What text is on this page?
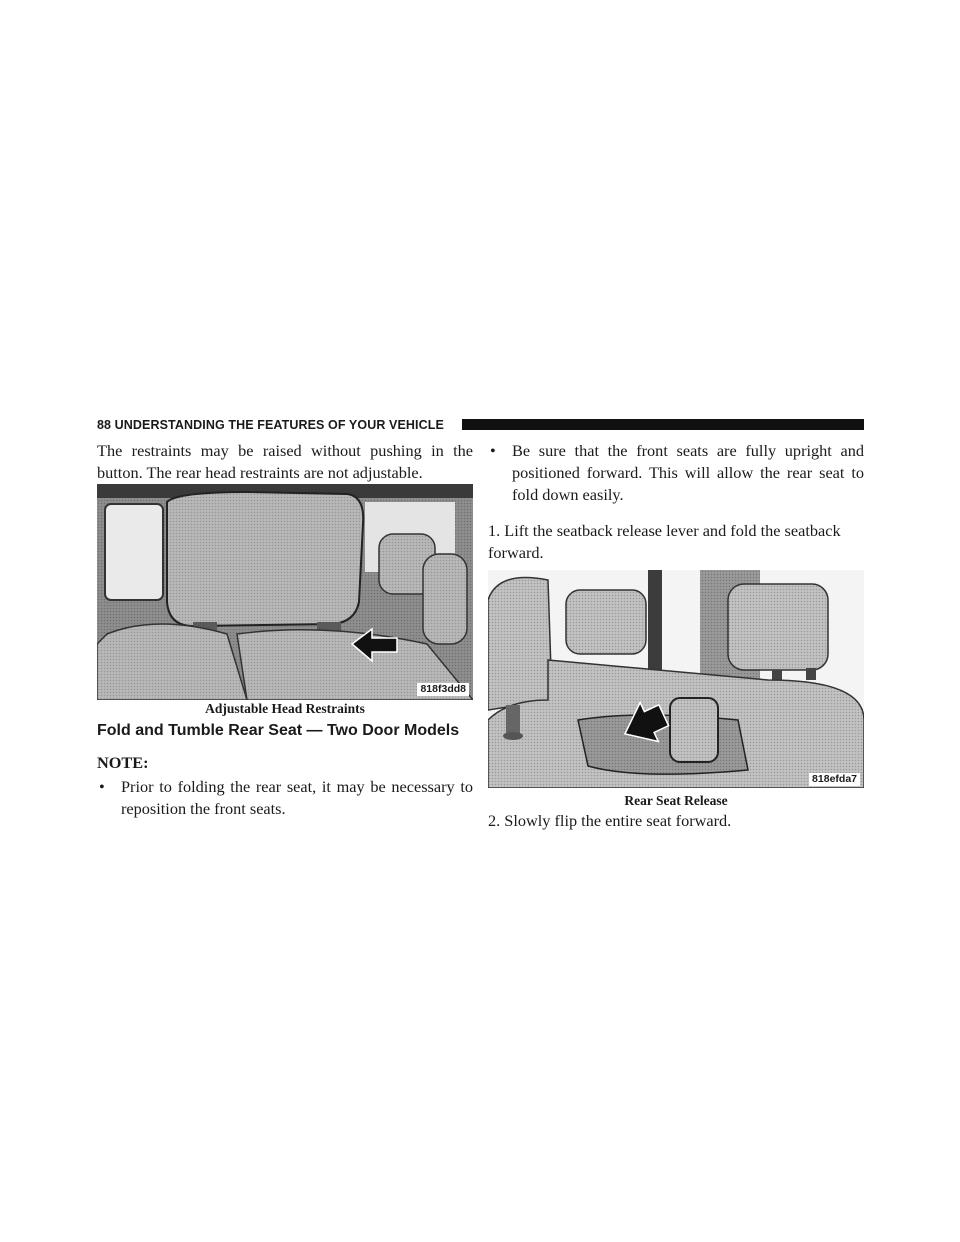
88 UNDERSTANDING THE FEATURES OF YOUR VEHICLE

The restraints may be raised without pushing in the button. The rear head restraints are not adjustable.

818f3dd8
Adjustable Head Restraints
Fold and Tumble Rear Seat — Two Door Models
NOTE:
• Prior to folding the rear seat, it may be necessary to reposition the front seats.
• Be sure that the front seats are fully upright and positioned forward. This will allow the rear seat to fold down easily.

1. Lift the seatback release lever and fold the seatback forward.

818efda7
Rear Seat Release

2. Slowly flip the entire seat forward.
